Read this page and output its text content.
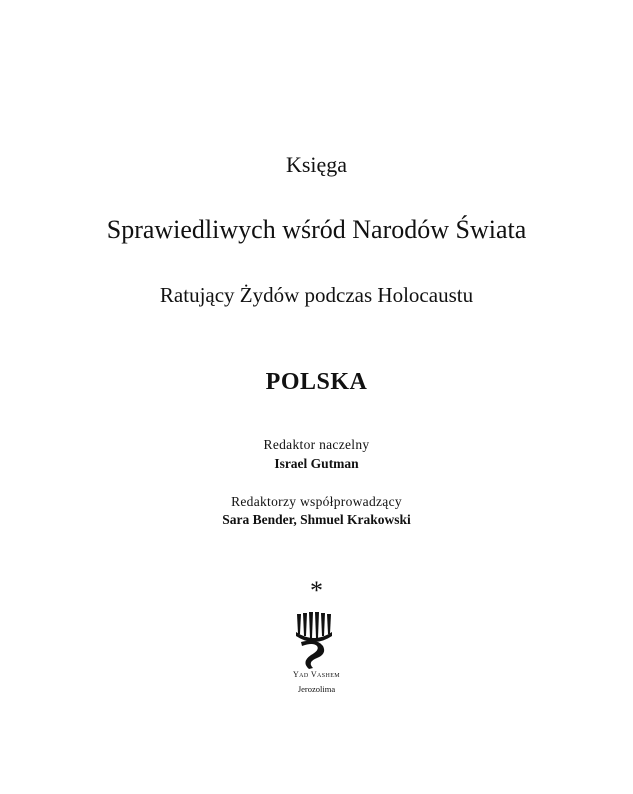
Księga
Sprawiedliwych wśród Narodów Świata
Ratujący Żydów podczas Holocaustu
POLSKA
Redaktor naczelny
Israel Gutman
Redaktorzy współprowadzący
Sara Bender, Shmuel Krakowski
*
Yad Vashem
Jerozolima
